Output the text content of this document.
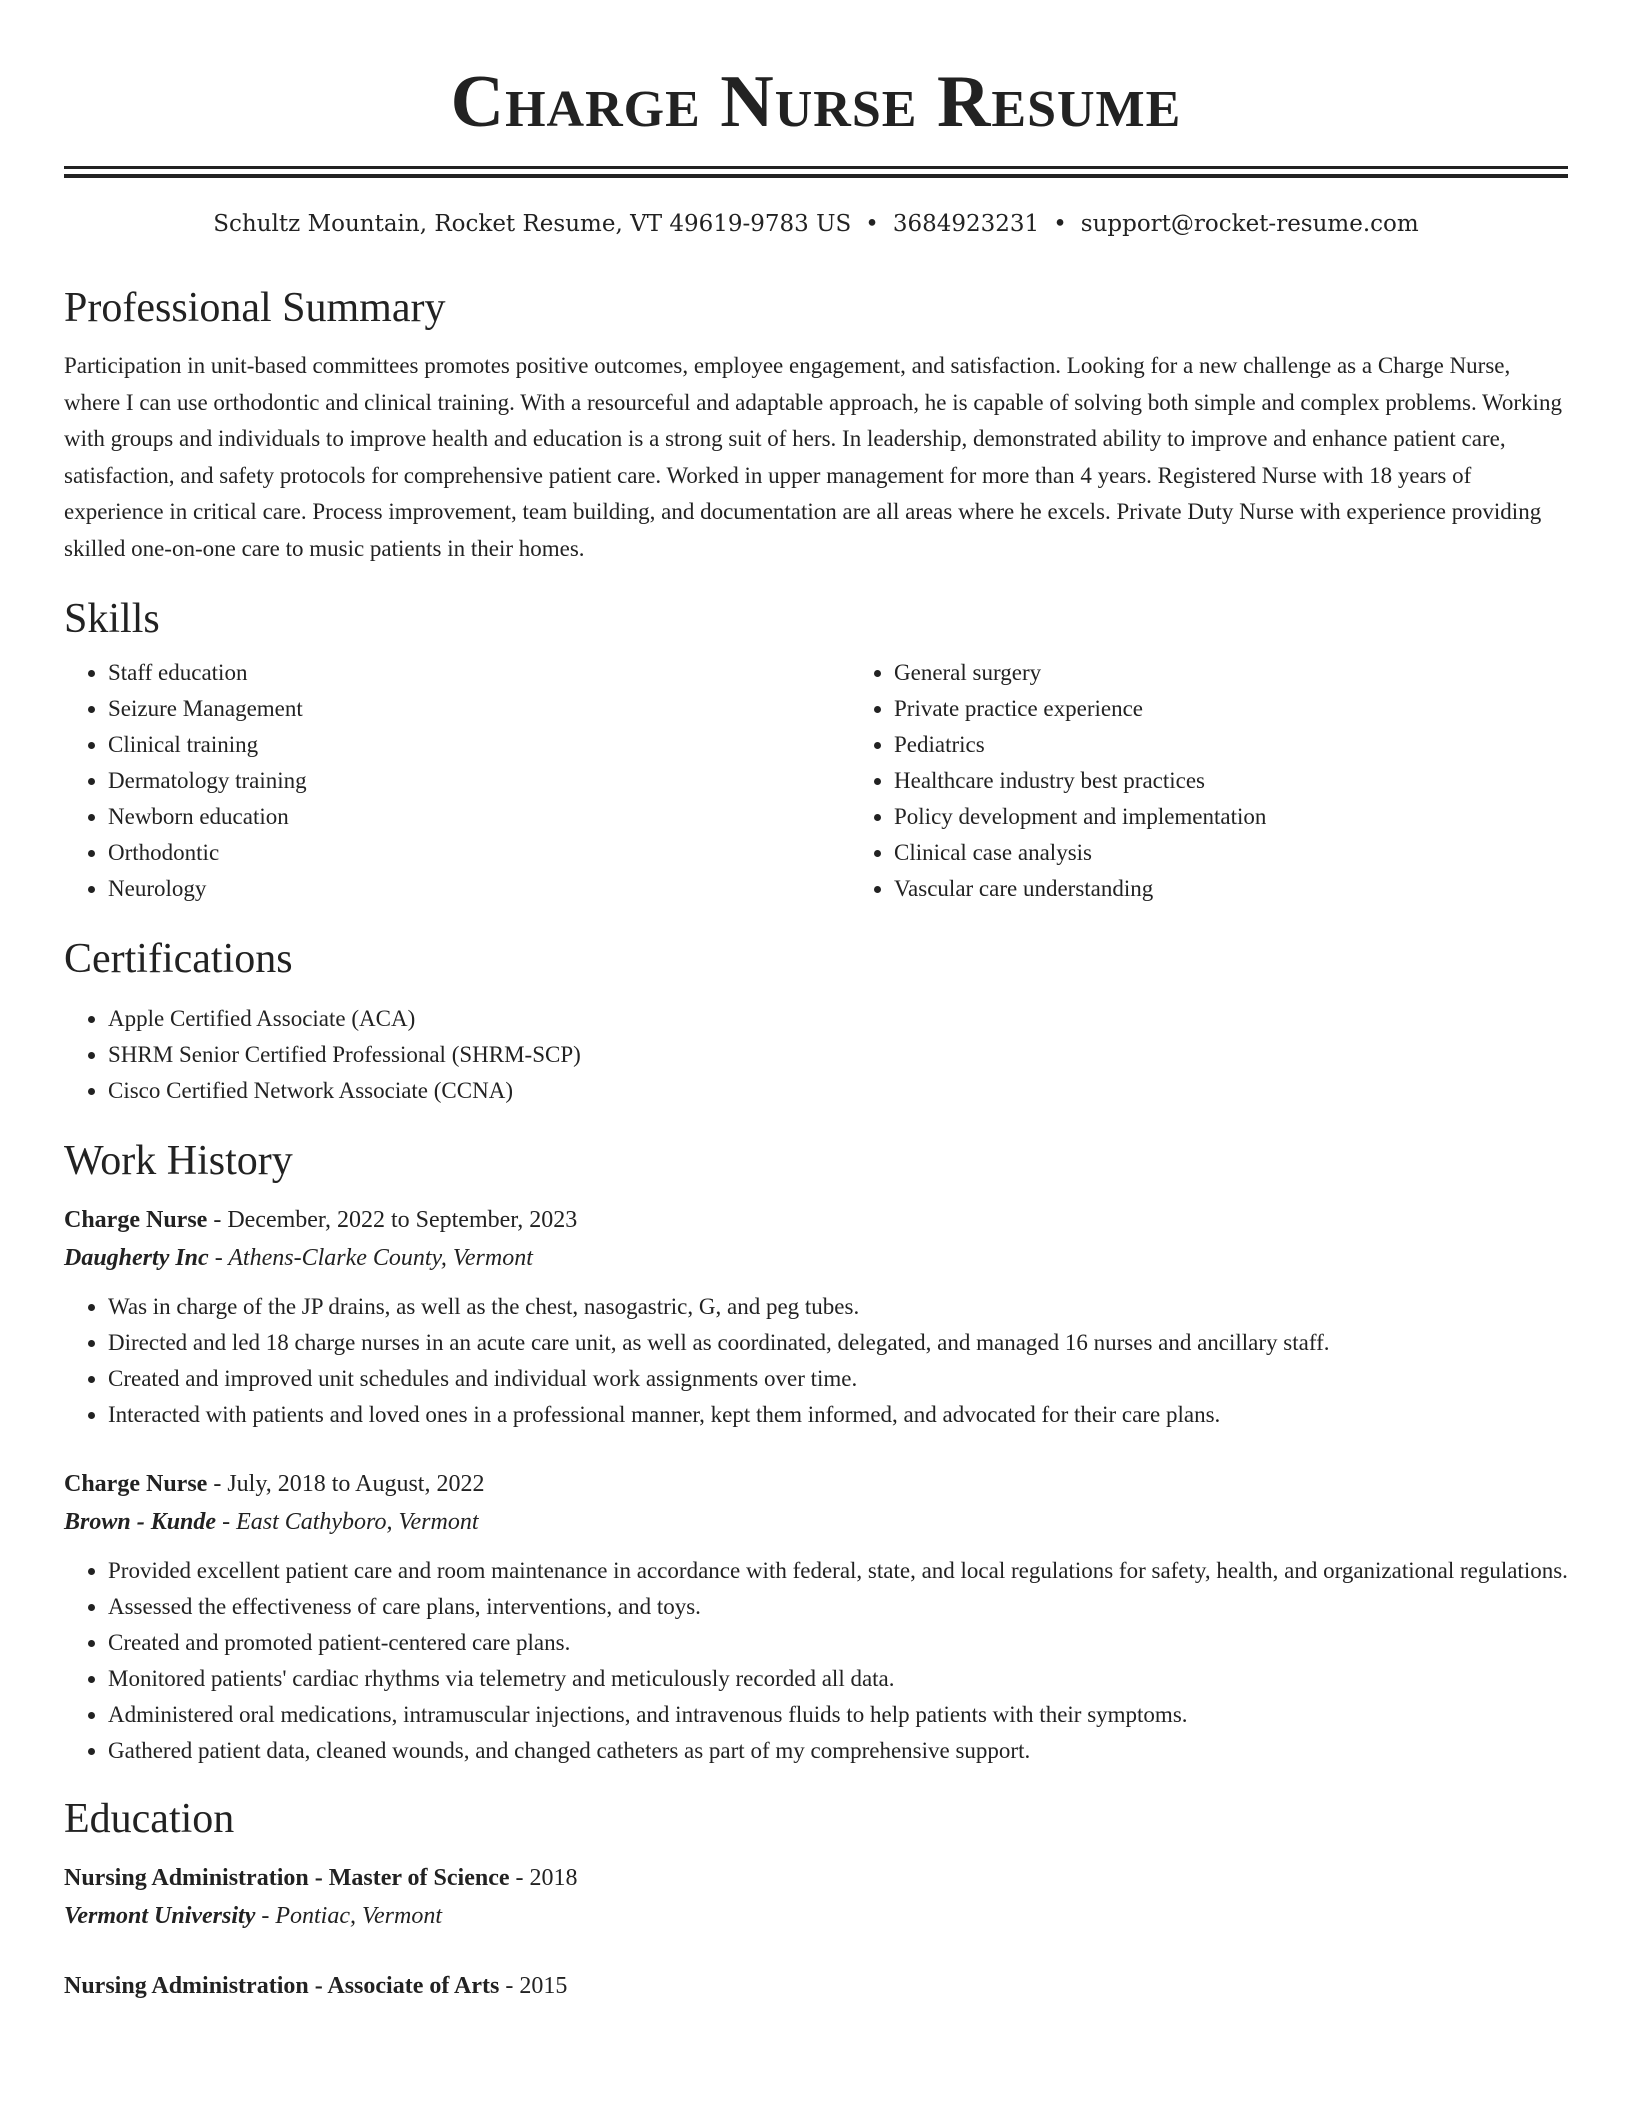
Charge Nurse Resume
Schultz Mountain, Rocket Resume, VT 49619-9783 US • 3684923231 • support@rocket-resume.com
Professional Summary

Participation in unit-based committees promotes positive outcomes, employee engagement, and satisfaction. Looking for a new challenge as a Charge Nurse, where I can use orthodontic and clinical training. With a resourceful and adaptable approach, he is capable of solving both simple and complex problems. Working with groups and individuals to improve health and education is a strong suit of hers. In leadership, demonstrated ability to improve and enhance patient care, satisfaction, and safety protocols for comprehensive patient care. Worked in upper management for more than 4 years. Registered Nurse with 18 years of experience in critical care. Process improvement, team building, and documentation are all areas where he excels. Private Duty Nurse with experience providing skilled one-on-one care to music patients in their homes.

Skills
• Staff education
• Seizure Management
• Clinical training
• Dermatology training
• Newborn education
• Orthodontic
• Neurology
• General surgery
• Private practice experience
• Pediatrics
• Healthcare industry best practices
• Policy development and implementation
• Clinical case analysis
• Vascular care understanding
Certifications
• Apple Certified Associate (ACA)
• SHRM Senior Certified Professional (SHRM-SCP)
• Cisco Certified Network Associate (CCNA)
Work History
Charge Nurse - December, 2022 to September, 2023
Daugherty Inc - Athens-Clarke County, Vermont
• Was in charge of the JP drains, as well as the chest, nasogastric, G, and peg tubes.
• Directed and led 18 charge nurses in an acute care unit, as well as coordinated, delegated, and managed 16 nurses and ancillary staff.
• Created and improved unit schedules and individual work assignments over time.
• Interacted with patients and loved ones in a professional manner, kept them informed, and advocated for their care plans.
Charge Nurse - July, 2018 to August, 2022
Brown - Kunde - East Cathyboro, Vermont
• Provided excellent patient care and room maintenance in accordance with federal, state, and local regulations for safety, health, and organizational regulations.
• Assessed the effectiveness of care plans, interventions, and toys.
• Created and promoted patient-centered care plans.
• Monitored patients' cardiac rhythms via telemetry and meticulously recorded all data.
• Administered oral medications, intramuscular injections, and intravenous fluids to help patients with their symptoms.
• Gathered patient data, cleaned wounds, and changed catheters as part of my comprehensive support.
Education
Nursing Administration - Master of Science - 2018
Vermont University - Pontiac, Vermont
Nursing Administration - Associate of Arts - 2015
